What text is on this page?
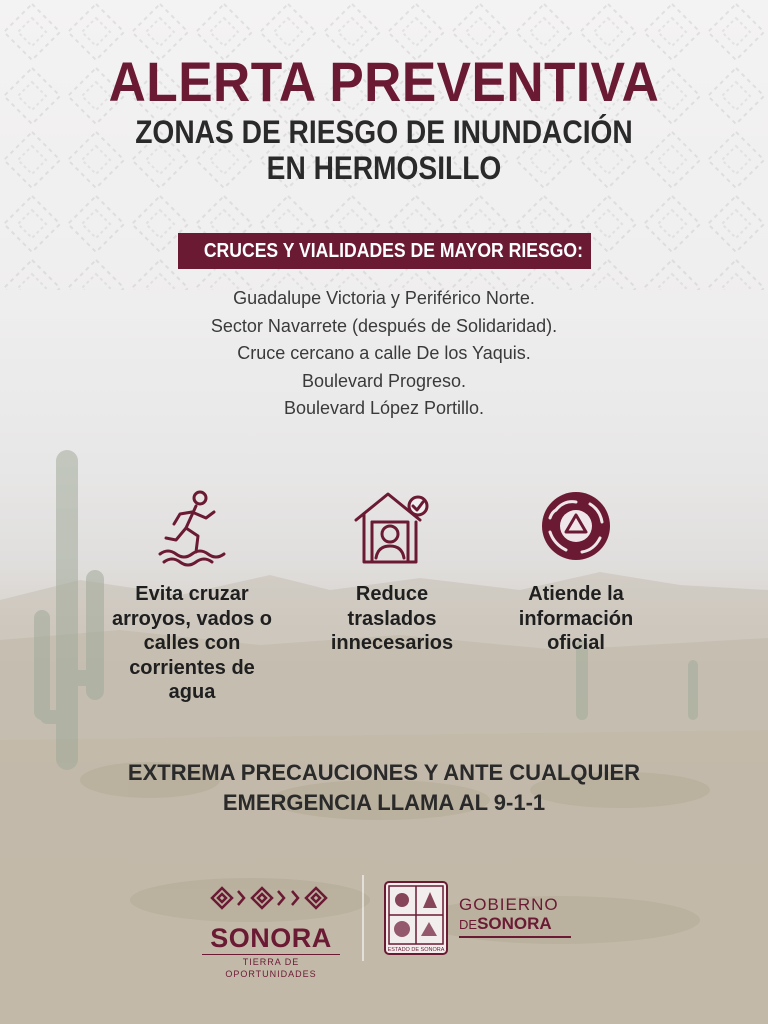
ALERTA PREVENTIVA
ZONAS DE RIESGO DE INUNDACIÓN
EN HERMOSILLO
CRUCES Y VIALIDADES DE MAYOR RIESGO:
Guadalupe Victoria y Periférico Norte.
Sector Navarrete (después de Solidaridad).
Cruce cercano a calle De los Yaquis.
Boulevard Progreso.
Boulevard López Portillo.
Evita cruzar
arroyos, vados o
calles con
corrientes de
agua
Reduce
traslados
innecesarios
Atiende la
información
oficial
EXTREMA PRECAUCIONES Y ANTE CUALQUIER
EMERGENCIA LLAMA AL 9-1-1
SONORA
TIERRA DE OPORTUNIDADES
ESTADO DE SONORA
GOBIERNO
DESONORA
